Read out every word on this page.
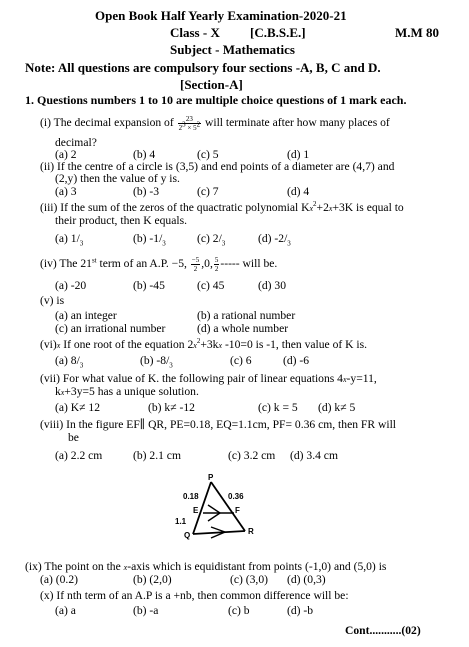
Open Book Half Yearly Examination-2020-21
Class - X [C.B.S.E.]	M.M 80
Subject - Mathematics
Note: All questions are compulsory four sections -A, B, C and D.
[Section-A]
1. Questions numbers 1 to 10 are multiple choice questions of 1 mark each.
(i) The decimal expansion of $\frac{23}{2^3 \times 5^2}$ will terminate after how many places of
decimal?
(a) 2	(b) 4	(c) 5	(d) 1
(ii) If the centre of a circle is (3,5) and end points of a diameter are (4,7) and
(2,y) then the value of y is.
(a) 3	(b) -3	(c) 7	(d) 4
(iii) If the sum of the zeros of the quactratic polynomial $Kx^2+2x+3K$ is equal to
their product, then K equals.
(a) $1/_3$	(b) $-1/_3$	(c) $2/_3$	(d) $-2/_3$
(iv) The 21st term of an A.P. −5, $\frac{-5}{2} ,0$, $\frac{5}{2}$ ----- will be.
(a) -20	(b) -45	(c) 45	(d) 30
(v) is
(a) an integer	(b) a rational number
(c) an irrational number	(d) a whole number
(vi)x If one root of the equation $2x^2+3kx$ -10=0 is -1, then value of K is.
(a) $8/_3$	(b) $-8/_3$	(c) 6	(d) -6
(vii) For what value of K. the following pair of linear equations 4x-y=11,
kx+3y=5 has a unique solution.
(a) K≠ 12	(b) k≠ -12	(c) k = 5 (d) k≠ 5
(viii) In the figure EF∥ QR, PE=0.18, EQ=1.1cm, PF= 0.36 cm, then FR will
be
(a) 2.2 cm	(b) 2.1 cm	(c) 3.2 cm (d) 3.4 cm
P
0.18	0.36
E	F
1.1
Q	R
(ix) The point on the x-axis which is equidistant from points (-1,0) and (5,0) is
(a) (0.2)	(b) (2,0)	(c) (3,0) (d) (0,3)
(x) If nth term of an A.P is a +nb, then common difference will be:
(a) a	(b) -a	(c) b	(d) -b
Cont...........(02)
